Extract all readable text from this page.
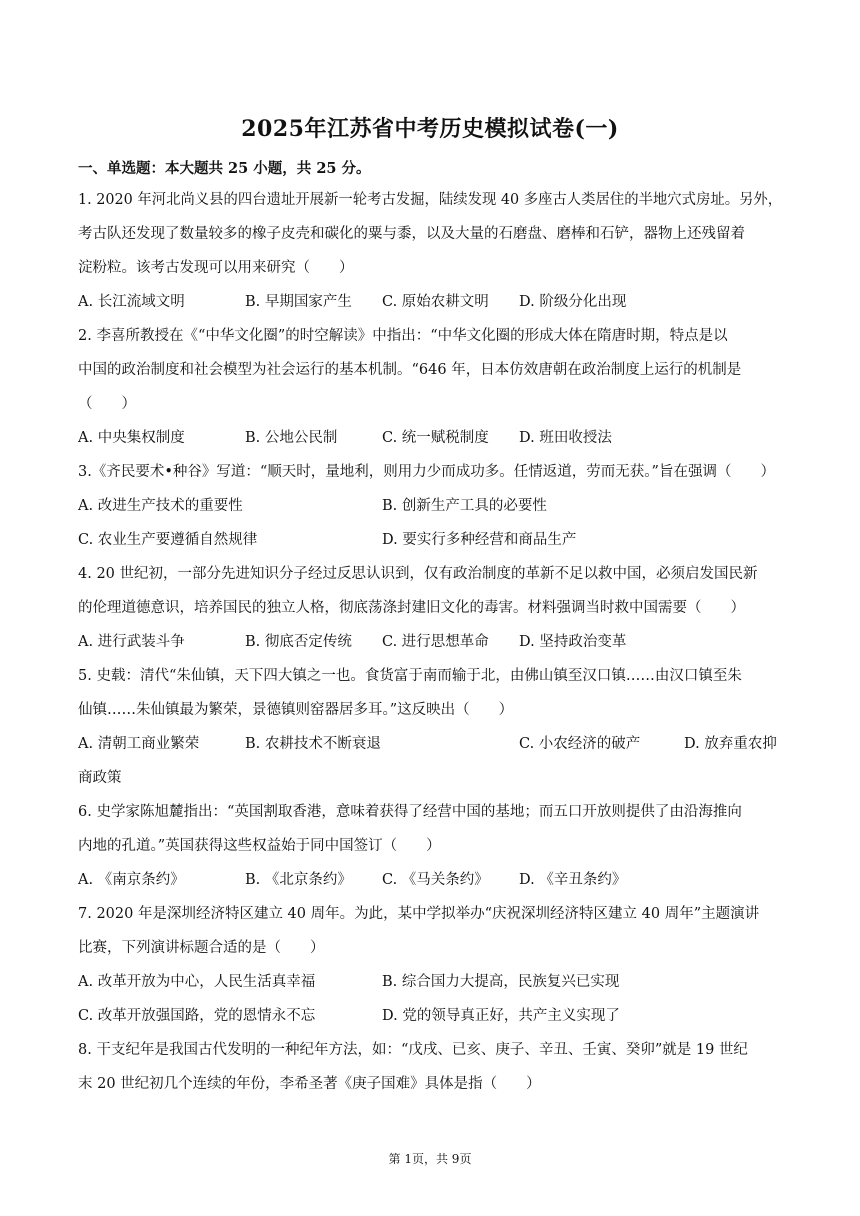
2025年江苏省中考历史模拟试卷(一)
一、单选题：本大题共 25 小题，共 25 分。
1. 2020 年河北尚义县的四台遗址开展新一轮考古发掘，陆续发现 40 多座古人类居住的半地穴式房址。另外，
考古队还发现了数量较多的橡子皮壳和碳化的粟与黍，以及大量的石磨盘、磨棒和石铲，器物上还残留着
淀粉粒。该考古发现可以用来研究（　　）
A. 长江流域文明	B. 早期国家产生 C. 原始农耕文明 D. 阶级分化出现
2. 李喜所教授在《“中华文化圈”的时空解读》中指出：“中华文化圈的形成大体在隋唐时期，特点是以
中国的政治制度和社会模型为社会运行的基本机制。“646 年，日本仿效唐朝在政治制度上运行的机制是
（　　）
A. 中央集权制度	B. 公地公民制	C. 统一赋税制度 D. 班田收授法
3.《齐民要术•种谷》写道：“顺天时，量地利，则用力少而成功多。任情返道，劳而无获。”旨在强调（　　）
A. 改进生产技术的重要性	B. 创新生产工具的必要性
C. 农业生产要遵循自然规律	D. 要实行多种经营和商品生产
4. 20 世纪初，一部分先进知识分子经过反思认识到，仅有政治制度的革新不足以救中国，必须启发国民新
的伦理道德意识，培养国民的独立人格，彻底荡涤封建旧文化的毒害。材料强调当时救中国需要（　　）
A. 进行武装斗争	B. 彻底否定传统 C. 进行思想革命 D. 坚持政治变革
5. 史载：清代“朱仙镇，天下四大镇之一也。食货富于南而输于北，由佛山镇至汉口镇……由汉口镇至朱
仙镇……朱仙镇最为繁荣，景德镇则窑器居多耳。”这反映出（　　）
A. 清朝工商业繁荣	B. 农耕技术不断衰退	C. 小农经济的破产	D. 放弃重农抑
商政策
6. 史学家陈旭麓指出：“英国割取香港，意味着获得了经营中国的基地；而五口开放则提供了由沿海推向
内地的孔道。”英国获得这些权益始于同中国签订（　　）
A. 《南京条约》	B. 《北京条约》 C. 《马关条约》 D. 《辛丑条约》
7. 2020 年是深圳经济特区建立 40 周年。为此，某中学拟举办“庆祝深圳经济特区建立 40 周年”主题演讲
比赛，下列演讲标题合适的是（　　）
A. 改革开放为中心，人民生活真幸福	B. 综合国力大提高，民族复兴已实现
C. 改革开放强国路，党的恩情永不忘	D. 党的领导真正好，共产主义实现了
8. 干支纪年是我国古代发明的一种纪年方法，如：“戊戌、已亥、庚子、辛丑、壬寅、癸卯”就是 19 世纪
末 20 世纪初几个连续的年份，李希圣著《庚子国难》具体是指（　　）
第 1页，共 9页
